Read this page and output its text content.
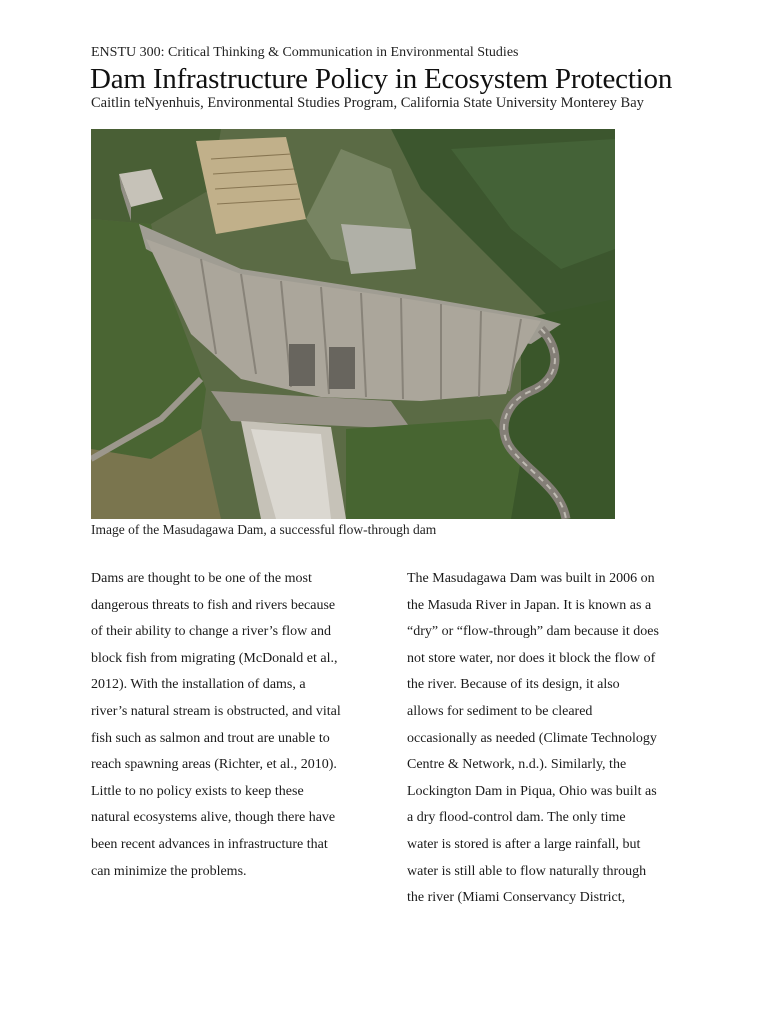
ENSTU 300: Critical Thinking & Communication in Environmental Studies
Dam Infrastructure Policy in Ecosystem Protection
Caitlin teNyenhuis, Environmental Studies Program, California State University Monterey Bay
Image of the Masudagawa Dam, a successful flow-through dam
Dams are thought to be one of the most
dangerous threats to fish and rivers because
of their ability to change a river’s flow and
block fish from migrating (McDonald et al.,
2012). With the installation of dams, a
river’s natural stream is obstructed, and vital
fish such as salmon and trout are unable to
reach spawning areas (Richter, et al., 2010).
Little to no policy exists to keep these
natural ecosystems alive, though there have
been recent advances in infrastructure that
can minimize the problems.
The Masudagawa Dam was built in 2006 on
the Masuda River in Japan. It is known as a
“dry” or “flow-through” dam because it does
not store water, nor does it block the flow of
the river. Because of its design, it also
allows for sediment to be cleared
occasionally as needed (Climate Technology
Centre & Network, n.d.). Similarly, the
Lockington Dam in Piqua, Ohio was built as
a dry flood-control dam. The only time
water is stored is after a large rainfall, but
water is still able to flow naturally through
the river (Miami Conservancy District,
